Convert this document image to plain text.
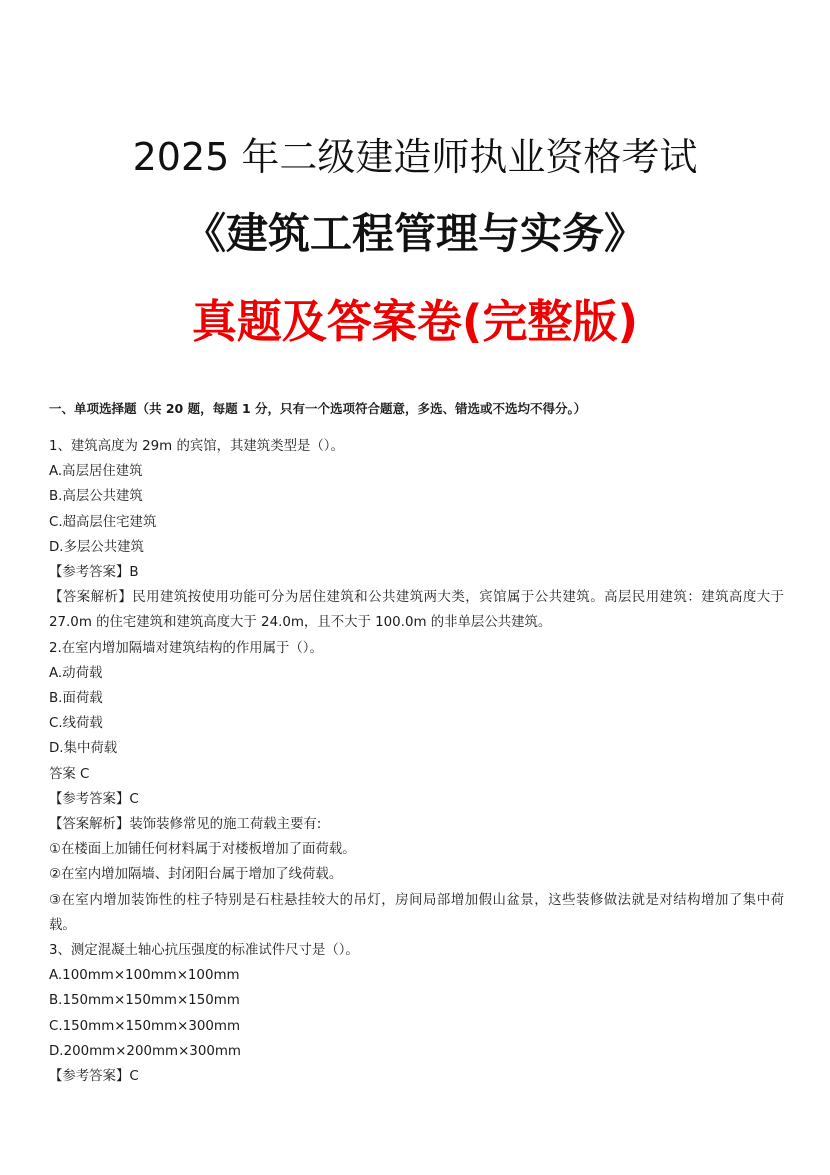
2025 年二级建造师执业资格考试
《建筑工程管理与实务》
真题及答案卷(完整版)
一、单项选择题（共 20 题，每题 1 分，只有一个选项符合题意，多选、错选或不选均不得分。）
1、建筑高度为 29m 的宾馆，其建筑类型是（）。
A.高层居住建筑
B.高层公共建筑
C.超高层住宅建筑
D.多层公共建筑
【参考答案】B
【答案解析】民用建筑按使用功能可分为居住建筑和公共建筑两大类，宾馆属于公共建筑。高层民用建筑：建筑高度大于 27.0m 的住宅建筑和建筑高度大于 24.0m，且不大于 100.0m 的非单层公共建筑。
2.在室内增加隔墙对建筑结构的作用属于（）。
A.动荷载
B.面荷载
C.线荷载
D.集中荷载
答案 C
【参考答案】C
【答案解析】装饰装修常见的施工荷载主要有:
①在楼面上加铺任何材料属于对楼板增加了面荷载。
②在室内增加隔墙、封闭阳台属于增加了线荷载。
③在室内增加装饰性的柱子特别是石柱悬挂较大的吊灯，房间局部增加假山盆景，这些装修做法就是对结构增加了集中荷载。
3、测定混凝土轴心抗压强度的标准试件尺寸是（）。
A.100mm×100mm×100mm
B.150mm×150mm×150mm
C.150mm×150mm×300mm
D.200mm×200mm×300mm
【参考答案】C
